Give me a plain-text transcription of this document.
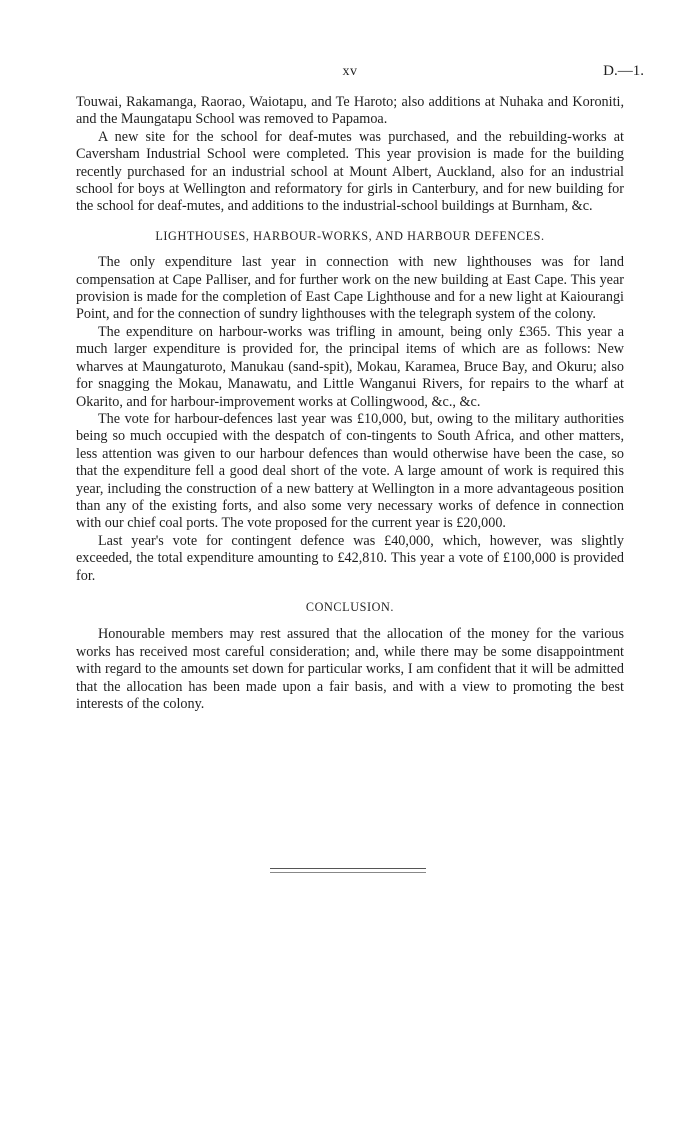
xv	D.—1.

Touwai, Rakamanga, Raorao, Waiotapu, and Te Haroto; also additions at Nuhaka and Koroniti, and the Maungatapu School was removed to Papamoa.

A new site for the school for deaf-mutes was purchased, and the rebuilding-works at Caversham Industrial School were completed. This year provision is made for the building recently purchased for an industrial school at Mount Albert, Auckland, also for an industrial school for boys at Wellington and reformatory for girls in Canterbury, and for new building for the school for deaf-mutes, and additions to the industrial-school buildings at Burnham, &c.

LIGHTHOUSES, HARBOUR-WORKS, AND HARBOUR DEFENCES.

The only expenditure last year in connection with new lighthouses was for land compensation at Cape Palliser, and for further work on the new building at East Cape. This year provision is made for the completion of East Cape Lighthouse and for a new light at Kaiourangi Point, and for the connection of sundry lighthouses with the telegraph system of the colony.

The expenditure on harbour-works was trifling in amount, being only £365. This year a much larger expenditure is provided for, the principal items of which are as follows: New wharves at Maungaturoto, Manukau (sand-spit), Mokau, Karamea, Bruce Bay, and Okuru; also for snagging the Mokau, Manawatu, and Little Wanganui Rivers, for repairs to the wharf at Okarito, and for harbour-improvement works at Collingwood, &c., &c.

The vote for harbour-defences last year was £10,000, but, owing to the military authorities being so much occupied with the despatch of con-tingents to South Africa, and other matters, less attention was given to our harbour defences than would otherwise have been the case, so that the expenditure fell a good deal short of the vote. A large amount of work is required this year, including the construction of a new battery at Wellington in a more advantageous position than any of the existing forts, and also some very necessary works of defence in connection with our chief coal ports. The vote proposed for the current year is £20,000.

Last year's vote for contingent defence was £40,000, which, however, was slightly exceeded, the total expenditure amounting to £42,810. This year a vote of £100,000 is provided for.

CONCLUSION.

Honourable members may rest assured that the allocation of the money for the various works has received most careful consideration; and, while there may be some disappointment with regard to the amounts set down for particular works, I am confident that it will be admitted that the allocation has been made upon a fair basis, and with a view to promoting the best interests of the colony.
